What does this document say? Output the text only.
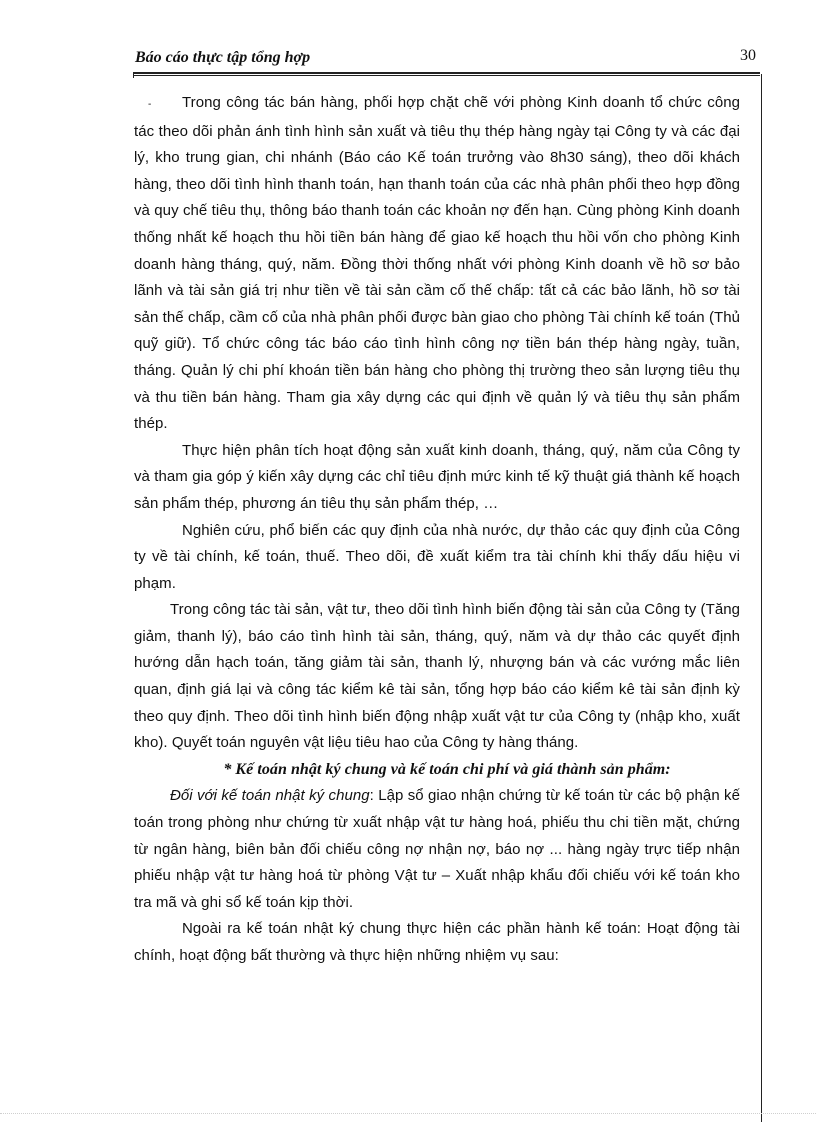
Báo cáo thực tập tổng hợp	30

- Trong công tác bán hàng, phối hợp chặt chẽ với phòng Kinh doanh tổ chức công tác theo dõi phản ánh tình hình sản xuất và tiêu thụ thép hàng ngày tại Công ty và các đại lý, kho trung gian, chi nhánh (Báo cáo Kế toán trưởng vào 8h30 sáng), theo dõi khách hàng, theo dõi tình hình thanh toán, hạn thanh toán của các nhà phân phối theo hợp đồng và quy chế tiêu thụ, thông báo thanh toán các khoản nợ đến hạn. Cùng phòng Kinh doanh thống nhất kế hoạch thu hồi tiền bán hàng để giao kế hoạch thu hồi vốn cho phòng Kinh doanh hàng tháng, quý, năm. Đồng thời thống nhất với phòng Kinh doanh về hồ sơ bảo lãnh và tài sản giá trị như tiền về tài sản cầm cố thế chấp: tất cả các bảo lãnh, hồ sơ tài sản thế chấp, cầm cố của nhà phân phối được bàn giao cho phòng Tài chính kế toán (Thủ quỹ giữ). Tổ chức công tác báo cáo tình hình công nợ tiền bán thép hàng ngày, tuần, tháng. Quản lý chi phí khoán tiền bán hàng cho phòng thị trường theo sản lượng tiêu thụ và thu tiền bán hàng. Tham gia xây dựng các qui định về quản lý và tiêu thụ sản phẩm thép.

Thực hiện phân tích hoạt động sản xuất kinh doanh, tháng, quý, năm của Công ty và tham gia góp ý kiến xây dựng các chỉ tiêu định mức kinh tế kỹ thuật giá thành kế hoạch sản phẩm thép, phương án tiêu thụ sản phẩm thép, …

Nghiên cứu, phổ biến các quy định của nhà nước, dự thảo các quy định của Công ty về tài chính, kế toán, thuế. Theo dõi, đề xuất kiểm tra tài chính khi thấy dấu hiệu vi phạm.

Trong công tác tài sản, vật tư, theo dõi tình hình biến động tài sản của Công ty (Tăng giảm, thanh lý), báo cáo tình hình tài sản, tháng, quý, năm và dự thảo các quyết định hướng dẫn hạch toán, tăng giảm tài sản, thanh lý, nhượng bán và các vướng mắc liên quan, định giá lại và công tác kiểm kê tài sản, tổng hợp báo cáo kiểm kê tài sản định kỳ theo quy định. Theo dõi tình hình biến động nhập xuất vật tư của Công ty (nhập kho, xuất kho). Quyết toán nguyên vật liệu tiêu hao của Công ty hàng tháng.

* Kế toán nhật ký chung và kế toán chi phí và giá thành sản phẩm:

Đối với kế toán nhật ký chung: Lập sổ giao nhận chứng từ kế toán từ các bộ phận kế toán trong phòng như chứng từ xuất nhập vật tư hàng hoá, phiếu thu chi tiền mặt, chứng từ ngân hàng, biên bản đối chiếu công nợ nhận nợ, báo nợ ... hàng ngày trực tiếp nhận phiếu nhập vật tư hàng hoá từ phòng Vật tư – Xuất nhập khẩu đối chiếu với kế toán kho tra mã và ghi sổ kế toán kịp thời.

Ngoài ra kế toán nhật ký chung thực hiện các phần hành kế toán: Hoạt động tài chính, hoạt động bất thường và thực hiện những nhiệm vụ sau:
